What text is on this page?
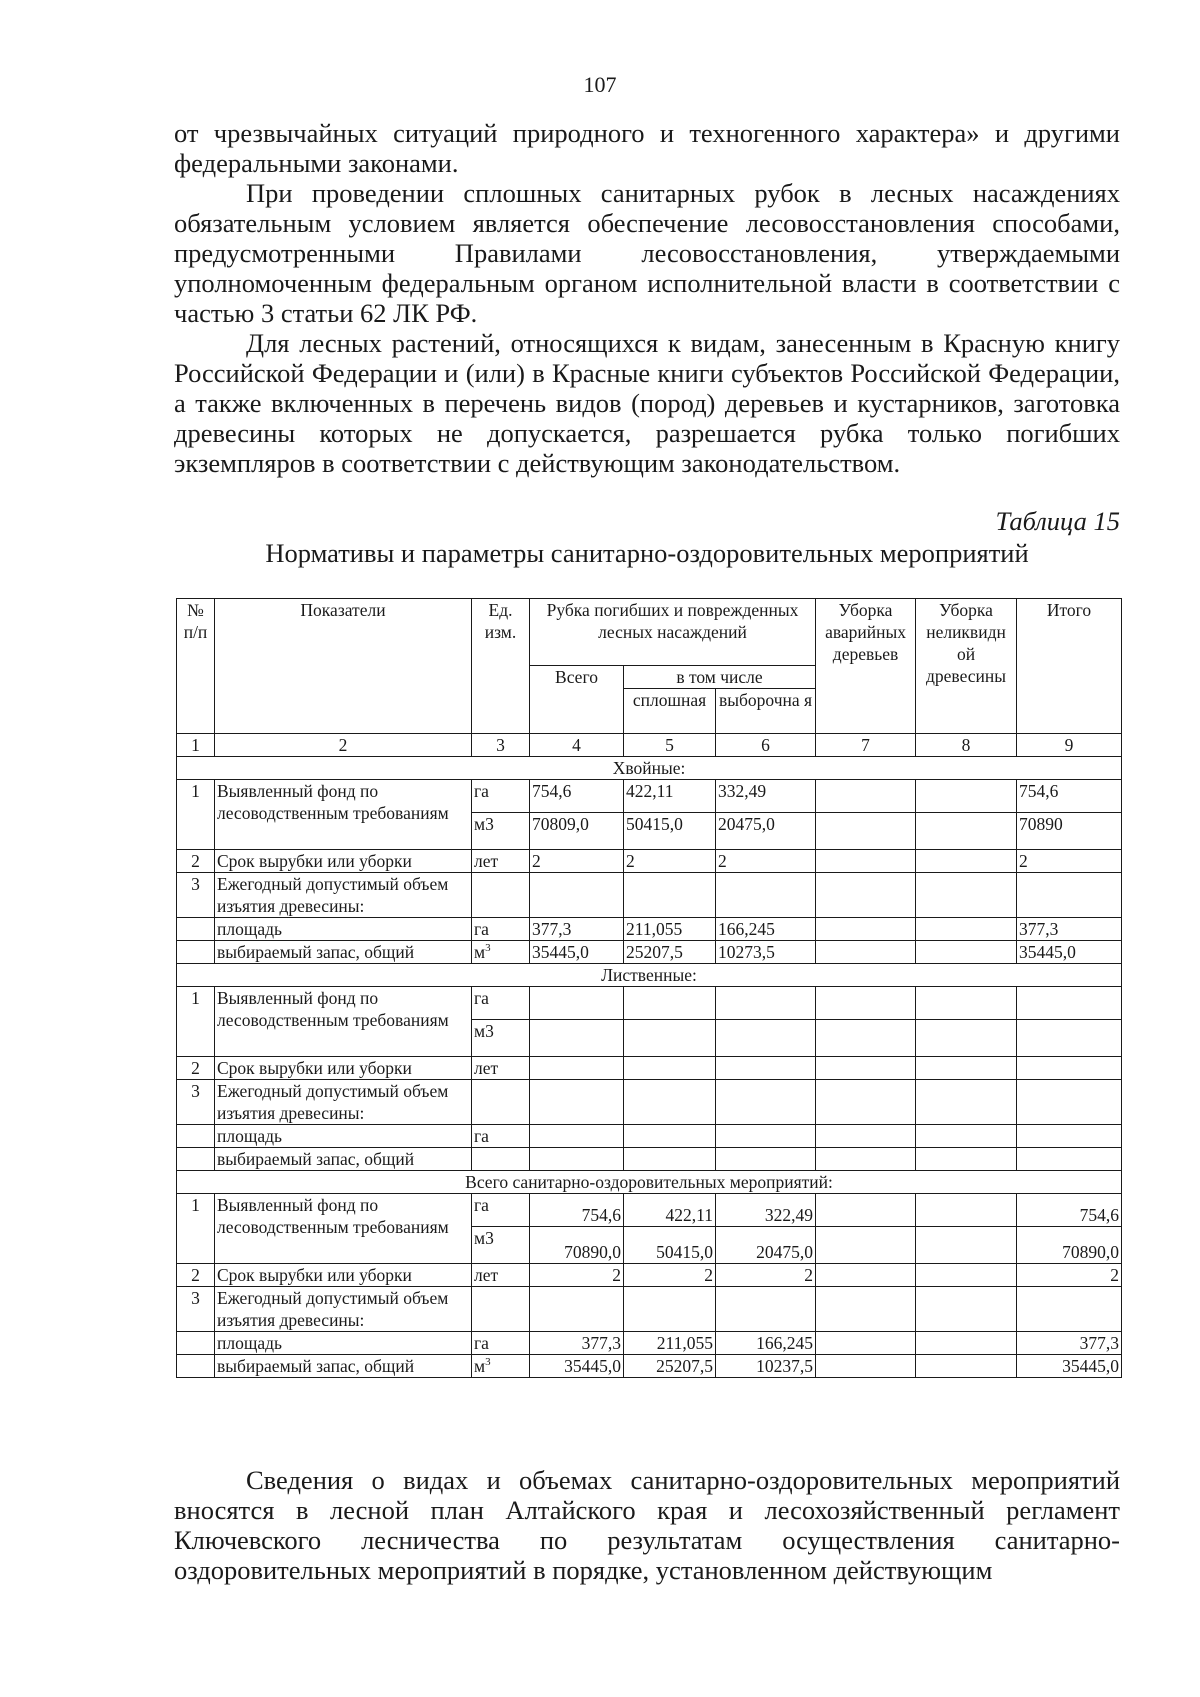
107

от чрезвычайных ситуаций природного и техногенного характера» и другими федеральными законами.

При проведении сплошных санитарных рубок в лесных насаждениях обязательным условием является обеспечение лесовосстановления способами, предусмотренными Правилами лесовосстановления, утверждаемыми уполномоченным федеральным органом исполнительной власти в соответствии с частью 3 статьи 62 ЛК РФ.

Для лесных растений, относящихся к видам, занесенным в Красную книгу Российской Федерации и (или) в Красные книги субъектов Российской Федерации, а также включенных в перечень видов (пород) деревьев и кустарников, заготовка древесины которых не допускается, разрешается рубка только погибших экземпляров в соответствии с действующим законодательством.

Таблица 15
Нормативы и параметры санитарно-оздоровительных мероприятий
№ п/п	Показатели	Ед. изм.	Рубка погибших и поврежденных лесных насаждений			Уборка аварийных деревьев	Уборка неликвидн ой древесины	Итого
			Всего	в том числе				
				сплошная	выборочна я			
1	2	3	4	5	6	7	8	9
Хвойные:								
1	Выявленный фонд по лесоводственным требованиям	га	754,6	422,11	332,49			754,6
		м3	70809,0	50415,0	20475,0			70890
2	Срок вырубки или уборки	лет	2	2	2			2
3	Ежегодный допустимый объем изъятия древесины:							
	площадь	га	377,3	211,055	166,245			377,3
	выбираемый запас, общий	$м^3$	35445,0	25207,5	10273,5			35445,0
Лиственные:								
1	Выявленный фонд по лесоводственным требованиям	га						
		м3						
2	Срок вырубки или уборки	лет						
3	Ежегодный допустимый объем изъятия древесины:							
	площадь	га						
	выбираемый запас, общий							
Всего санитарно-оздоровительных мероприятий:								
1	Выявленный фонд по лесоводственным требованиям	га	754,6	422,11	322,49			754,6
		м3	70890,0	50415,0	20475,0			70890,0
2	Срок вырубки или уборки	лет	2	2	2			2
3	Ежегодный допустимый объем изъятия древесины:							
	площадь	га	377,3	211,055	166,245			377,3
	выбираемый запас, общий	$м^3$	35445,0	25207,5	10237,5			35445,0

Сведения о видах и объемах санитарно-оздоровительных мероприятий вносятся в лесной план Алтайского края и лесохозяйственный регламент Ключевского лесничества по результатам осуществления санитарно-оздоровительных мероприятий в порядке, установленном действующим
